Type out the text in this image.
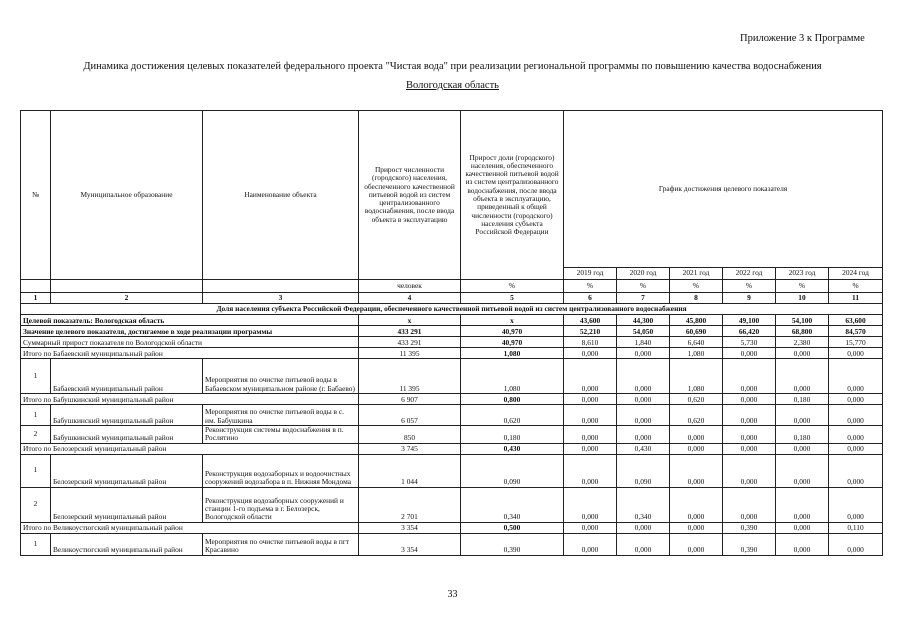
Приложение 3 к Программе
Динамика достижения целевых показателей федерального проекта "Чистая вода" при реализации региональной программы по повышению качества водоснабжения
Вологодская область
№	Муниципальное образование	Наименование объекта	Прирост численности (городского) населения, обеспеченного качественной питьевой водой из систем централизованного водоснабжения, после ввода объекта в эксплуатацию	Прирост доли (городского) населения, обеспеченного качественной питьевой водой из систем централизованного водоснабжения, после ввода объекта в эксплуатацию, приведенный к общей численности (городского) населения субъекта Российской Федерации	График достижения целевого показателя					
					2019 год	2020 год	2021 год	2022 год	2023 год	2024 год
			человек	%	%	%	%	%	%	%
1	2	3	4	5	6	7	8	9	10	11
Доля населения субъекта Российской Федерации, обеспеченного качественной питьевой водой из систем централизованного водоснабжения										
Целевой показатель: Вологодская область			x	x	43,600	44,300	45,800	49,100	54,100	63,600
Значение целевого показателя, достигаемое в ходе реализации программы			433 291	40,970	52,210	54,050	60,690	66,420	68,800	84,570
Суммарный прирост показателя по Вологодской области			433 291	40,970	8,610	1,840	6,640	5,730	2,380	15,770
Итого по Бабаевский муниципальный район			11 395	1,080	0,000	0,000	1,080	0,000	0,000	0,000
1	Бабаевский муниципальный район	Мероприятия по очистке питьевой воды в Бабаевском муниципальном районе (г. Бабаево)	11 395	1,080	0,000	0,000	1,080	0,000	0,000	0,000
Итого по Бабушкинский муниципальный район			6 907	0,800	0,000	0,000	0,620	0,000	0,180	0,000
1	Бабушкинский муниципальный район	Мероприятия по очистке питьевой воды в с. им. Бабушкина	6 057	0,620	0,000	0,000	0,620	0,000	0,000	0,000
2	Бабушкинский муниципальный район	Реконструкция системы водоснабжения в п. Рослятино	850	0,180	0,000	0,000	0,000	0,000	0,180	0,000
Итого по Белозерский муниципальный район			3 745	0,430	0,000	0,430	0,000	0,000	0,000	0,000
1	Белозерский муниципальный район	Реконструкция водозаборных и водоочистных сооружений водозабора в п. Нижняя Мондома	1 044	0,090	0,000	0,090	0,000	0,000	0,000	0,000
2	Белозерский муниципальный район	Реконструкция водозаборных сооружений и станции 1-го подъема в г. Белозерск, Вологодской области	2 701	0,340	0,000	0,340	0,000	0,000	0,000	0,000
Итого по Великоустюгский муниципальный район			3 354	0,500	0,000	0,000	0,000	0,390	0,000	0,110
1	Великоустюгский муниципальный район	Мероприятия по очистке питьевой воды в пгт Красавино	3 354	0,390	0,000	0,000	0,000	0,390	0,000	0,000
33
